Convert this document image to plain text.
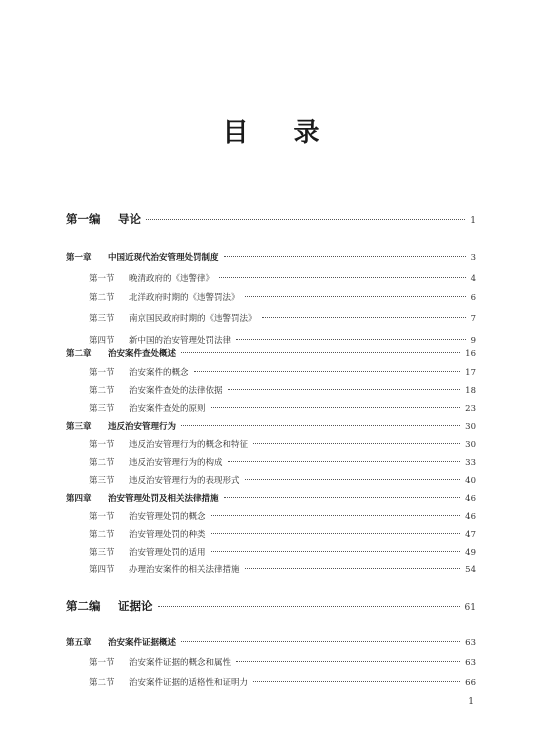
目 录
第一编 导论	1
第一章 中国近现代治安管理处罚制度	3
第一节 晚清政府的《违警律》	4
第二节 北洋政府时期的《违警罚法》	6
第三节 南京国民政府时期的《违警罚法》	7
第四节 新中国的治安管理处罚法律	9
第二章 治安案件查处概述	16
第一节 治安案件的概念	17
第二节 治安案件查处的法律依据	18
第三节 治安案件查处的原则	23
第三章 违反治安管理行为	30
第一节 违反治安管理行为的概念和特征	30
第二节 违反治安管理行为的构成	33
第三节 违反治安管理行为的表现形式	40
第四章 治安管理处罚及相关法律措施	46
第一节 治安管理处罚的概念	46
第二节 治安管理处罚的种类	47
第三节 治安管理处罚的适用	49
第四节 办理治安案件的相关法律措施	54
第二编 证据论	61
第五章 治安案件证据概述	63
第一节 治安案件证据的概念和属性	63
第二节 治安案件证据的适格性和证明力	66
1
